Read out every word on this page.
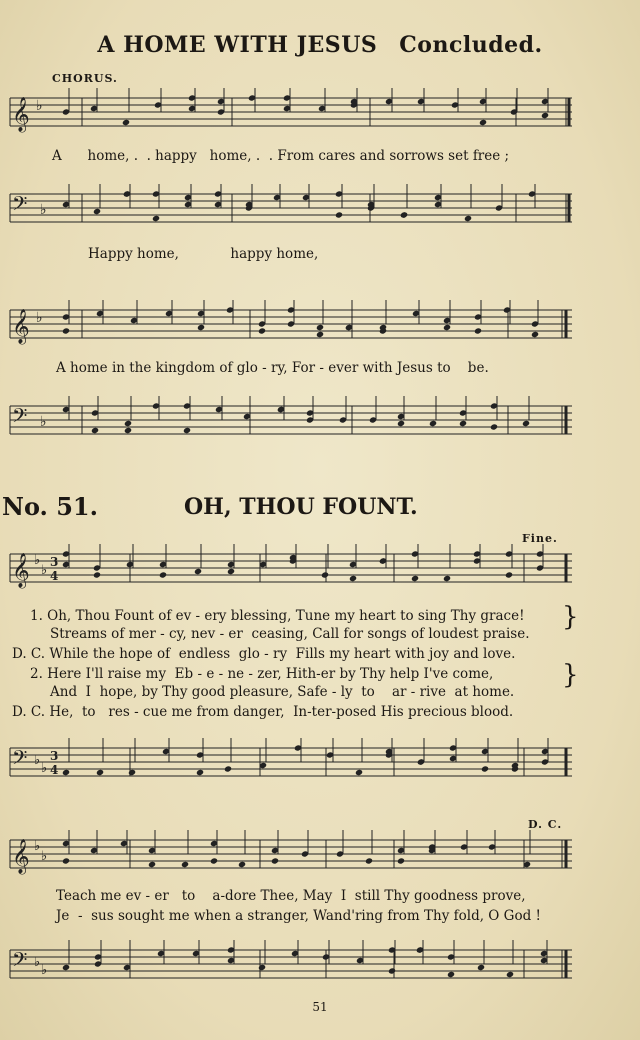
A HOME WITH JESUS Concluded.
CHORUS.
𝄞 ♭
A      home, .  . happy   home, .  . From cares and sorrows set free ;
𝄢 ♭
Happy home,            happy home,
𝄞 ♭
A home in the kingdom of glo - ry, For - ever with Jesus to    be.
𝄢 ♭
No. 51.	OH, THOU FOUNT.
Fine.
𝄞 ♭
♭
3
4
1. Oh, Thou Fount of ev - ery blessing, Tune my heart to sing Thy grace!
Streams of mer - cy, nev - er  ceasing, Call for songs of loudest praise.
}
D. C. While the hope of  endless  glo - ry  Fills my heart with joy and love.
2. Here I'll raise my  Eb - e - ne - zer, Hith-er by Thy help I've come,
And  I  hope, by Thy good pleasure, Safe - ly  to    ar - rive  at home.
}
D. C. He,  to   res - cue me from danger,  In-ter-posed His precious blood.
𝄢 ♭
♭
3
4
D. C.
𝄞 ♭
♭
Teach me ev - er   to    a-dore Thee, May  I  still Thy goodness prove,
Je  -  sus sought me when a stranger, Wand'ring from Thy fold, O God !
𝄢 ♭
♭
51
